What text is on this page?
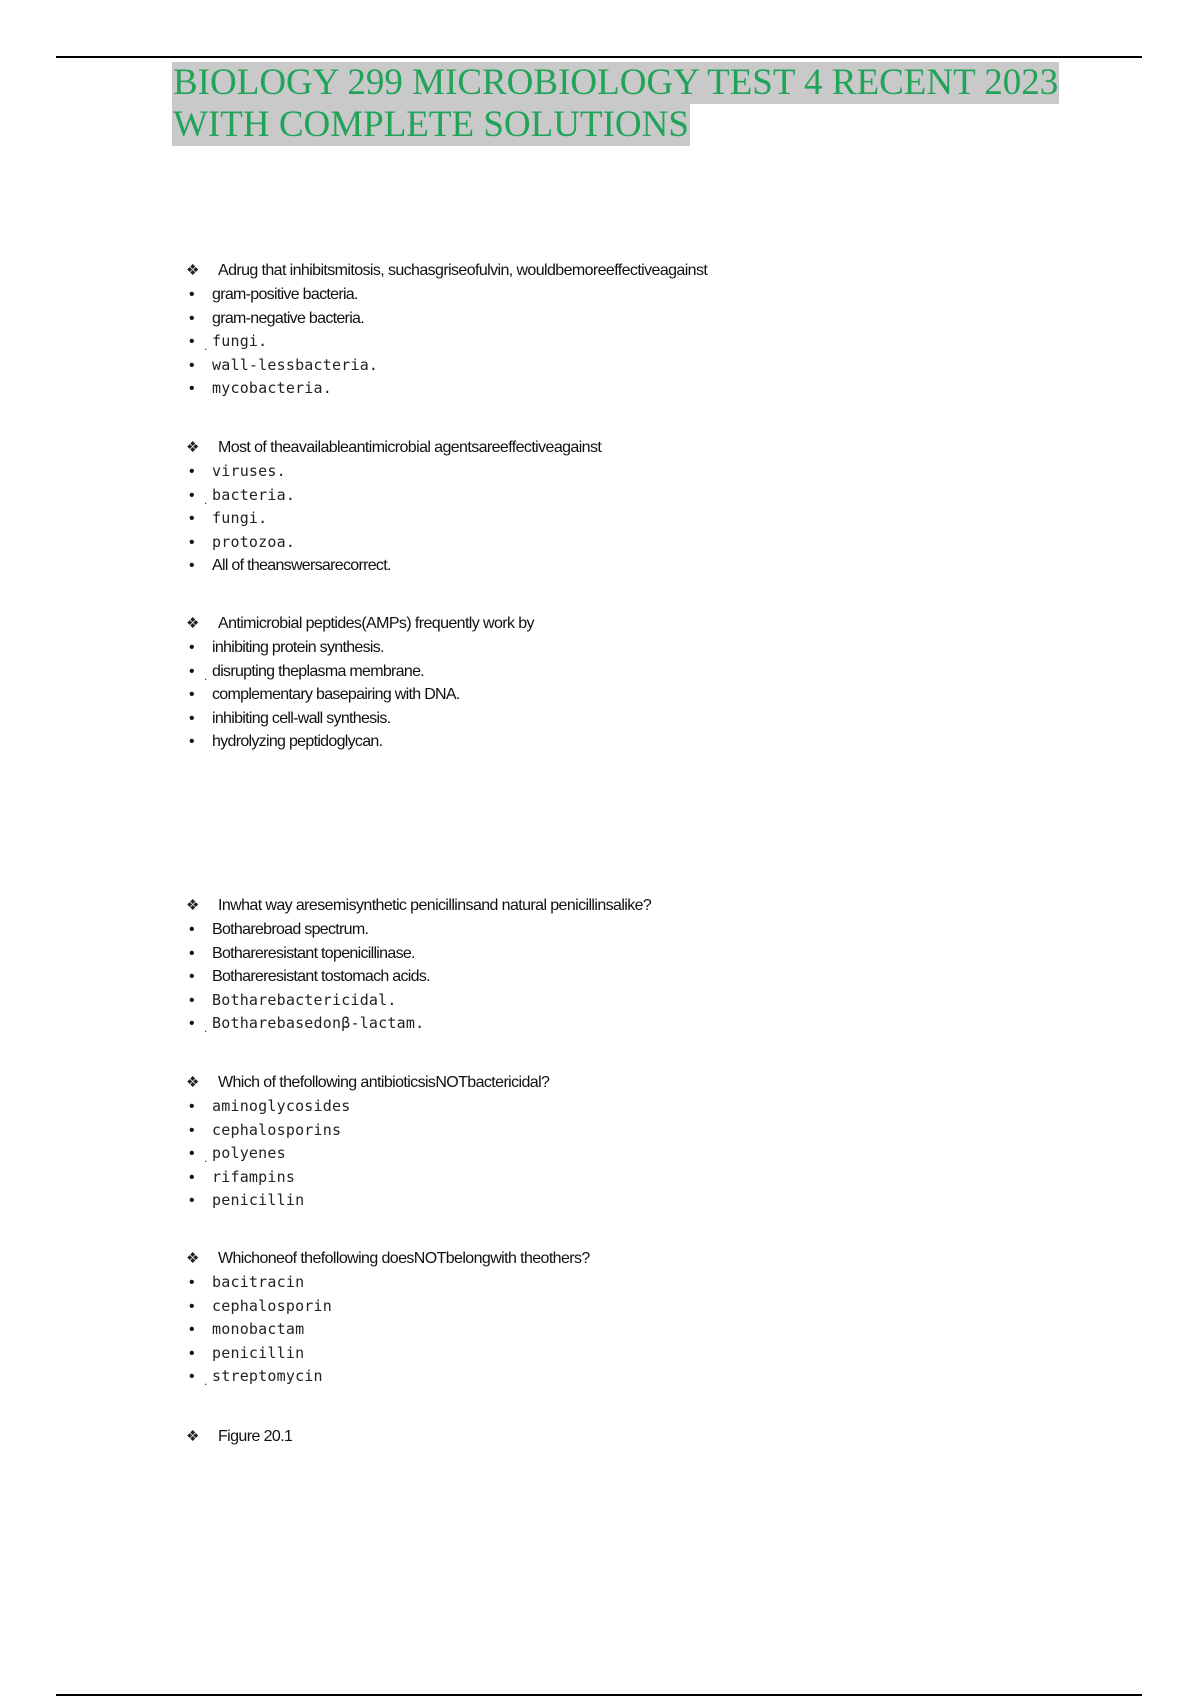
BIOLOGY 299 MICROBIOLOGY TEST 4 RECENT 2023
WITH COMPLETE SOLUTIONS
❖	Adrug that inhibitsmitosis, suchasgriseofulvin, wouldbemoreeffectiveagainst
• gram-positive bacteria.
• gram-negative bacteria.
• . fungi.
• wall-lessbacteria.
• mycobacteria.
❖	Most of theavailableantimicrobial agentsareeffectiveagainst
• viruses.
• . bacteria.
• fungi.
• protozoa.
• All of theanswersarecorrect.
❖	Antimicrobial peptides(AMPs) frequently work by
• inhibiting protein synthesis.
• . disrupting theplasma membrane.
• complementary basepairing with DNA.
• inhibiting cell-wall synthesis.
• hydrolyzing peptidoglycan.
❖	Inwhat way aresemisynthetic penicillinsand natural penicillinsalike?
• Botharebroad spectrum.
• Bothareresistant topenicillinase.
• Bothareresistant tostomach acids.
• Botharebactericidal.
• . Botharebasedonβ-lactam.
❖	Which of thefollowing antibioticsisNOTbactericidal?
• aminoglycosides
• cephalosporins
• . polyenes
• rifampins
• penicillin
❖	Whichoneof thefollowing doesNOTbelongwith theothers?
• bacitracin
• cephalosporin
• monobactam
• penicillin
• . streptomycin
❖	Figure 20.1
